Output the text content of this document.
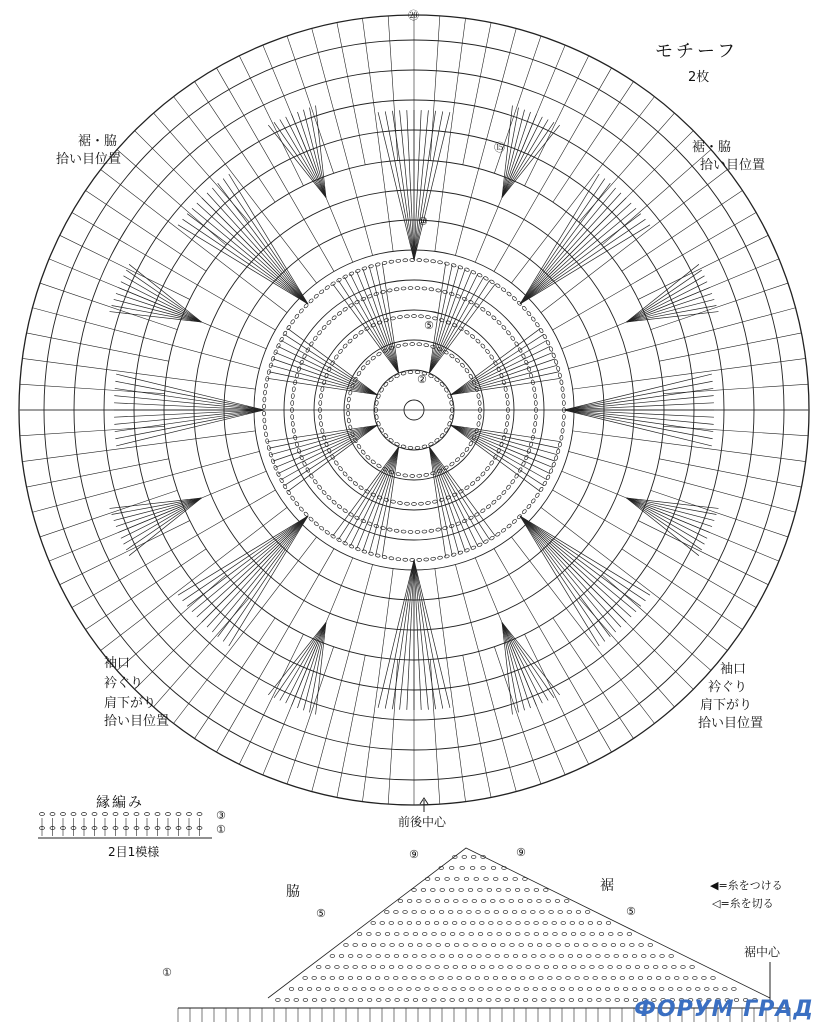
⑳
⑮
⑩
⑤
②
モチーフ
2枚
裾・脇
拾い目位置
裾・脇
拾い目位置
袖口
衿ぐり
肩下がり
拾い目位置
袖口
衿ぐり
肩下がり
拾い目位置
前後中心
縁編み
③
①
2目1模様
脇	裾
⑨	⑨
⑤	⑤
①
裾中心
◀=糸をつける
◁=糸を切る
ФОРУМ ГРАД
